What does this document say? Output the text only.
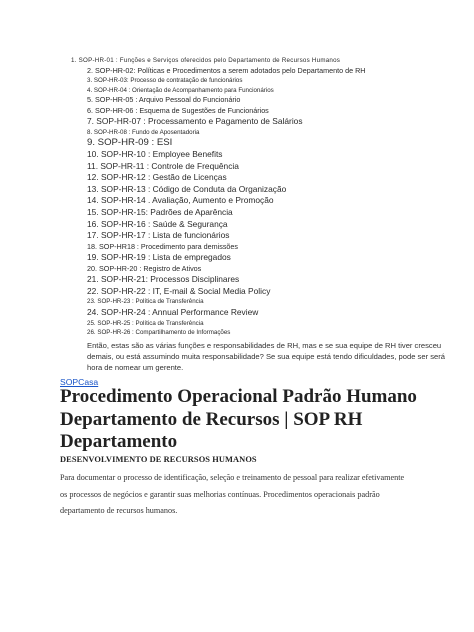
1. SOP-HR-01 : Funções e Serviços oferecidos pelo Departamento de Recursos Humanos
2. SOP-HR-02: Políticas e Procedimentos a serem adotados pelo Departamento de RH
3. SOP-HR-03: Processo de contratação de funcionários
4. SOP-HR-04 : Orientação de Acompanhamento para Funcionários
5. SOP-HR-05 : Arquivo Pessoal do Funcionário
6. SOP-HR-06 : Esquema de Sugestões de Funcionários
7. SOP-HR-07 : Processamento e Pagamento de Salários
8. SOP-HR-08 : Fundo de Aposentadoria
9. SOP-HR-09 : ESI
10. SOP-HR-10 : Employee Benefits
11. SOP-HR-11 : Controle de Frequência
12. SOP-HR-12 : Gestão de Licenças
13. SOP-HR-13 : Código de Conduta da Organização
14. SOP-HR-14 . Avaliação, Aumento e Promoção
15. SOP-HR-15: Padrões de Aparência
16. SOP-HR-16 : Saúde & Segurança
17. SOP-HR-17 : Lista de funcionários
18. SOP-HR18 : Procedimento para demissões
19. SOP-HR-19 : Lista de empregados
20. SOP-HR-20 : Registro de Ativos
21. SOP-HR-21: Processos Disciplinares
22. SOP-HR-22 : IT, E-mail & Social Media Policy
23. SOP-HR-23 : Política de Transferência
24. SOP-HR-24 : Annual Performance Review
25. SOP-HR-25 : Política de Transferência
26. SOP-HR-26 : Compartilhamento de Informações
Então, estas são as várias funções e responsabilidades de RH, mas e se sua equipe de RH tiver cresceu demais, ou está assumindo muita responsabilidade? Se sua equipe está tendo dificuldades, pode ser será hora de nomear um gerente.
SOPCasa
Procedimento Operacional Padrão Humano Departamento de Recursos | SOP RH Departamento
DESENVOLVIMENTO DE RECURSOS HUMANOS
Para documentar o processo de identificação, seleção e treinamento de pessoal para realizar efetivamente
os processos de negócios e garantir suas melhorias contínuas. Procedimentos operacionais padrão
departamento de recursos humanos.
